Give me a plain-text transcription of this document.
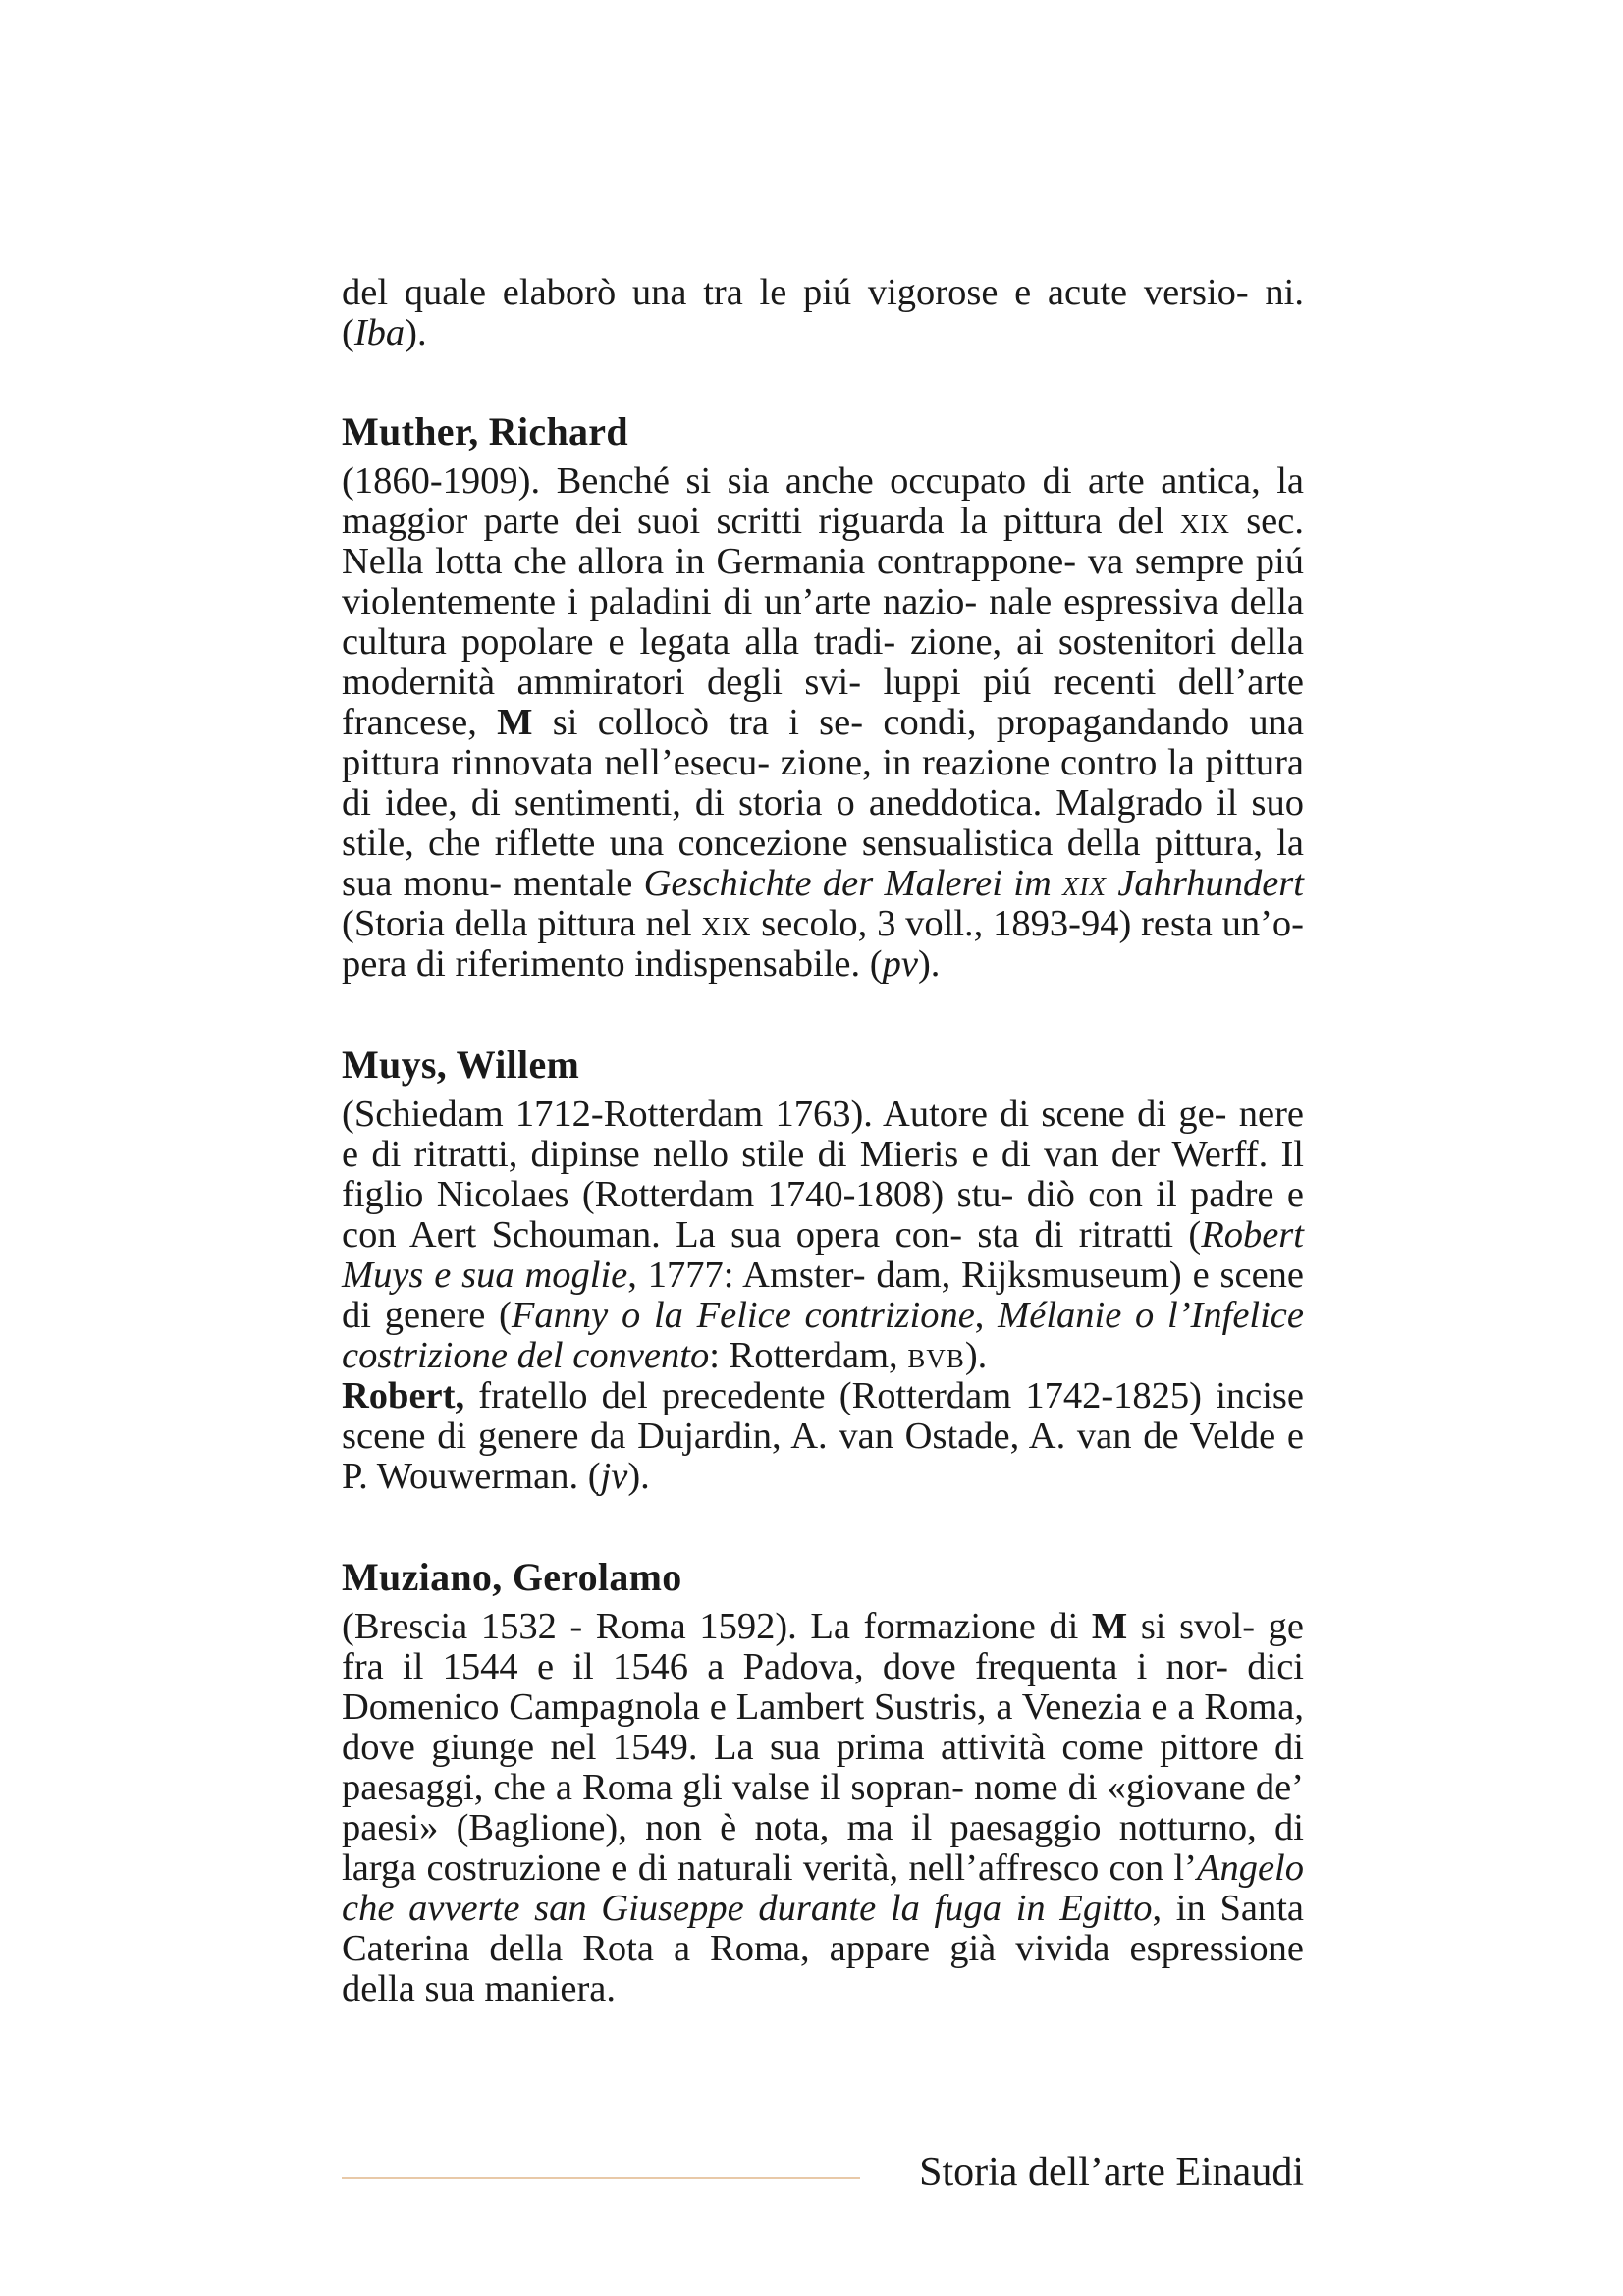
del quale elaborò una tra le piú vigorose e acute versio- ni. (Iba).

Muther, Richard

(1860-1909). Benché si sia anche occupato di arte antica, la maggior parte dei suoi scritti riguarda la pittura del xix sec. Nella lotta che allora in Germania contrappone- va sempre piú violentemente i paladini di un’arte nazio- nale espressiva della cultura popolare e legata alla tradi- zione, ai sostenitori della modernità ammiratori degli svi- luppi piú recenti dell’arte francese, M si collocò tra i se- condi, propagandando una pittura rinnovata nell’esecu- zione, in reazione contro la pittura di idee, di sentimenti, di storia o aneddotica. Malgrado il suo stile, che riflette una concezione sensualistica della pittura, la sua monu- mentale Geschichte der Malerei im xix Jahrhundert (Storia della pittura nel xix secolo, 3 voll., 1893-94) resta un’o- pera di riferimento indispensabile. (pv).

Muys, Willem

(Schiedam 1712-Rotterdam 1763). Autore di scene di ge- nere e di ritratti, dipinse nello stile di Mieris e di van der Werff. Il figlio Nicolaes (Rotterdam 1740-1808) stu- diò con il padre e con Aert Schouman. La sua opera con- sta di ritratti (Robert Muys e sua moglie, 1777: Amster- dam, Rijksmuseum) e scene di genere (Fanny o la Felice contrizione, Mélanie o l’Infelice costrizione del convento: Rotterdam, bvb).

Robert, fratello del precedente (Rotterdam 1742-1825) incise scene di genere da Dujardin, A. van Ostade, A. van de Velde e P. Wouwerman. (jv).

Muziano, Gerolamo

(Brescia 1532 - Roma 1592). La formazione di M si svol- ge fra il 1544 e il 1546 a Padova, dove frequenta i nor- dici Domenico Campagnola e Lambert Sustris, a Venezia e a Roma, dove giunge nel 1549. La sua prima attività come pittore di paesaggi, che a Roma gli valse il sopran- nome di «giovane de’ paesi» (Baglione), non è nota, ma il paesaggio notturno, di larga costruzione e di naturali verità, nell’affresco con l’Angelo che avverte san Giuseppe durante la fuga in Egitto, in Santa Caterina della Rota a Roma, appare già vivida espressione della sua maniera.

Storia dell’arte Einaudi
